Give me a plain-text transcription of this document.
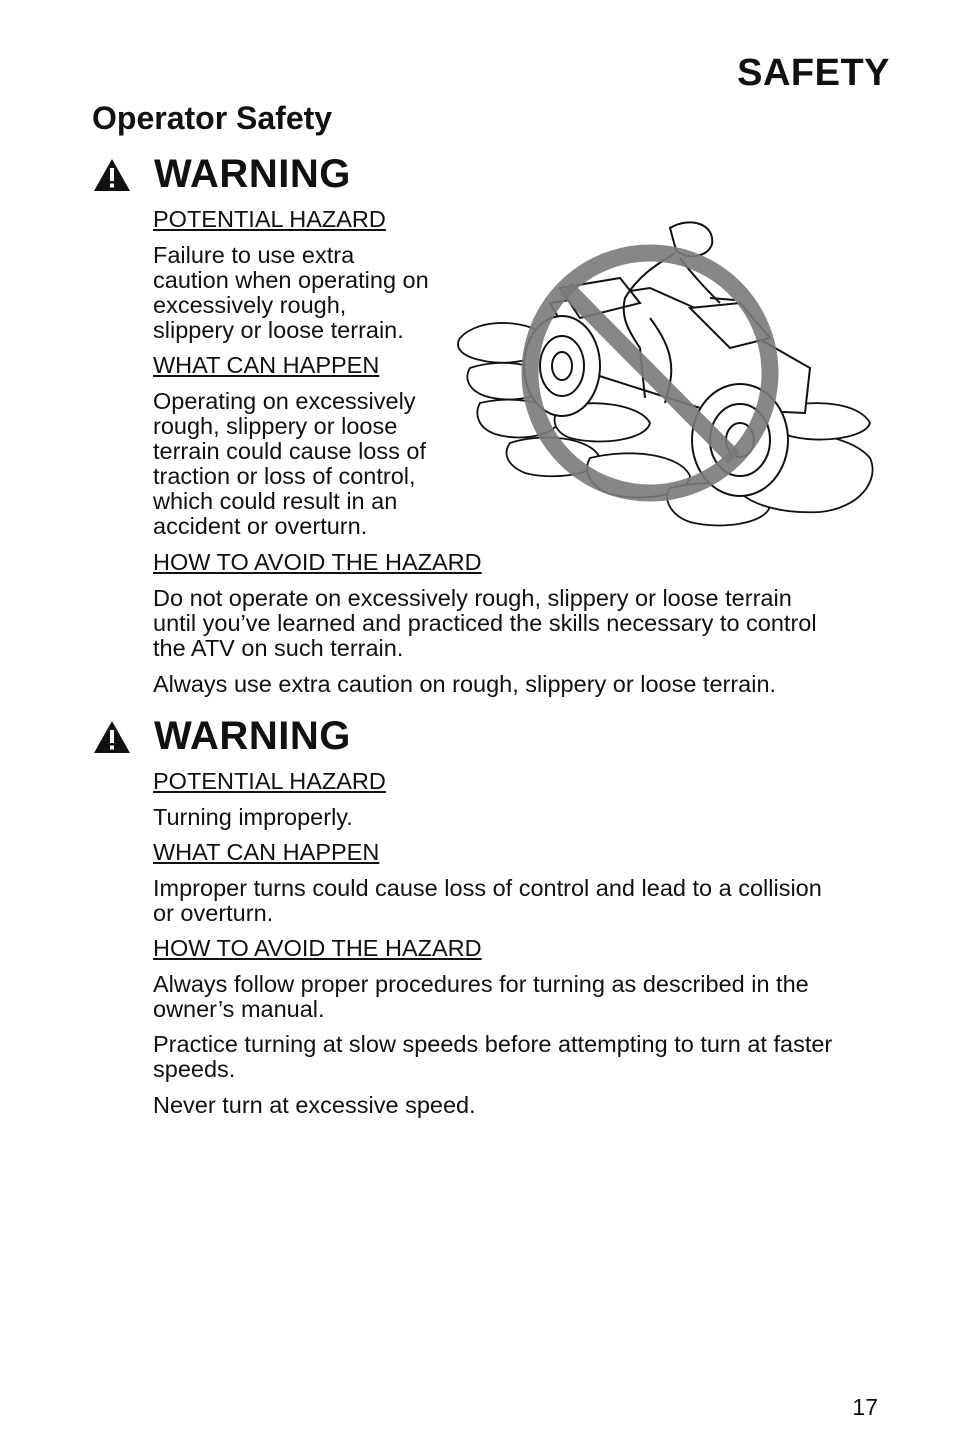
SAFETY
Operator Safety
WARNING

POTENTIAL HAZARD

Failure to use extra

caution when operating on

excessively rough,

slippery or loose terrain.

WHAT CAN HAPPEN

Operating on excessively

rough, slippery or loose

terrain could cause loss of

traction or loss of control,

which could result in an

accident or overturn.

HOW TO AVOID THE HAZARD

Do not operate on excessively rough, slippery or loose terrain

until you’ve learned and practiced the skills necessary to control

the ATV on such terrain.

Always use extra caution on rough, slippery or loose terrain.

WARNING

POTENTIAL HAZARD

Turning improperly.

WHAT CAN HAPPEN

Improper turns could cause loss of control and lead to a collision

or overturn.

HOW TO AVOID THE HAZARD

Always follow proper procedures for turning as described in the

owner’s manual.

Practice turning at slow speeds before attempting to turn at faster

speeds.

Never turn at excessive speed.

17
